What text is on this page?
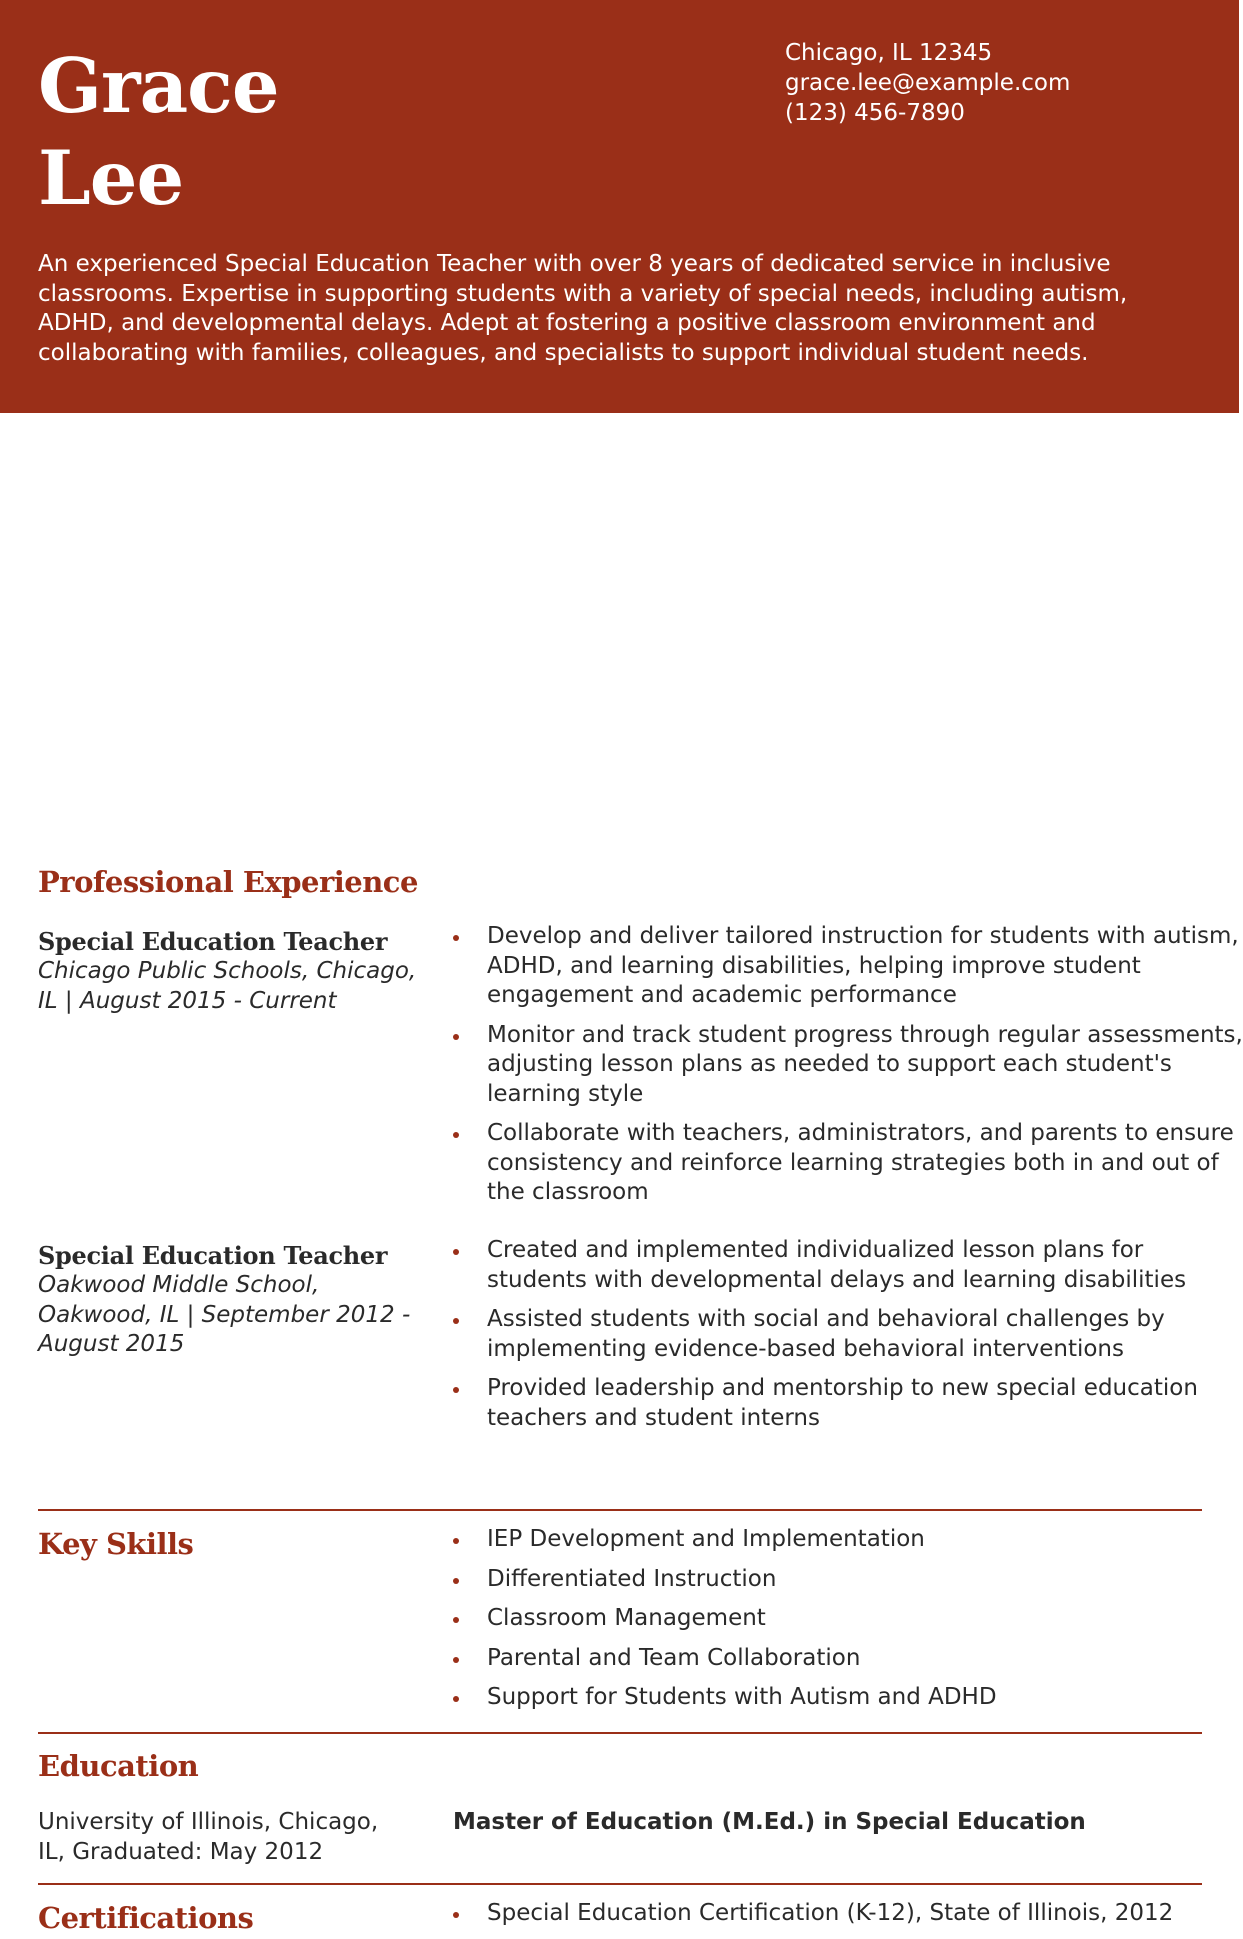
Grace
Lee
Chicago, IL 12345
grace.lee@example.com
(123) 456-7890
An experienced Special Education Teacher with over 8 years of dedicated service in inclusive classrooms. Expertise in supporting students with a variety of special needs, including autism, ADHD, and developmental delays. Adept at fostering a positive classroom environment and collaborating with families, colleagues, and specialists to support individual student needs.
Professional Experience
Special Education Teacher
Chicago Public Schools, Chicago, IL | August 2015 - Current
Develop and deliver tailored instruction for students with autism, ADHD, and learning disabilities, helping improve student engagement and academic performance
Monitor and track student progress through regular assessments, adjusting lesson plans as needed to support each student's learning style
Collaborate with teachers, administrators, and parents to ensure consistency and reinforce learning strategies both in and out of the classroom
Special Education Teacher
Oakwood Middle School, Oakwood, IL | September 2012 - August 2015
Created and implemented individualized lesson plans for students with developmental delays and learning disabilities
Assisted students with social and behavioral challenges by implementing evidence-based behavioral interventions
Provided leadership and mentorship to new special education teachers and student interns
Key Skills	IEP Development and Implementation
Differentiated Instruction
Classroom Management
Parental and Team Collaboration
Support for Students with Autism and ADHD
Education
University of Illinois, Chicago, IL, Graduated: May 2012
Master of Education (M.Ed.) in Special Education
Certifications	Special Education Certification (K-12), State of Illinois, 2012
